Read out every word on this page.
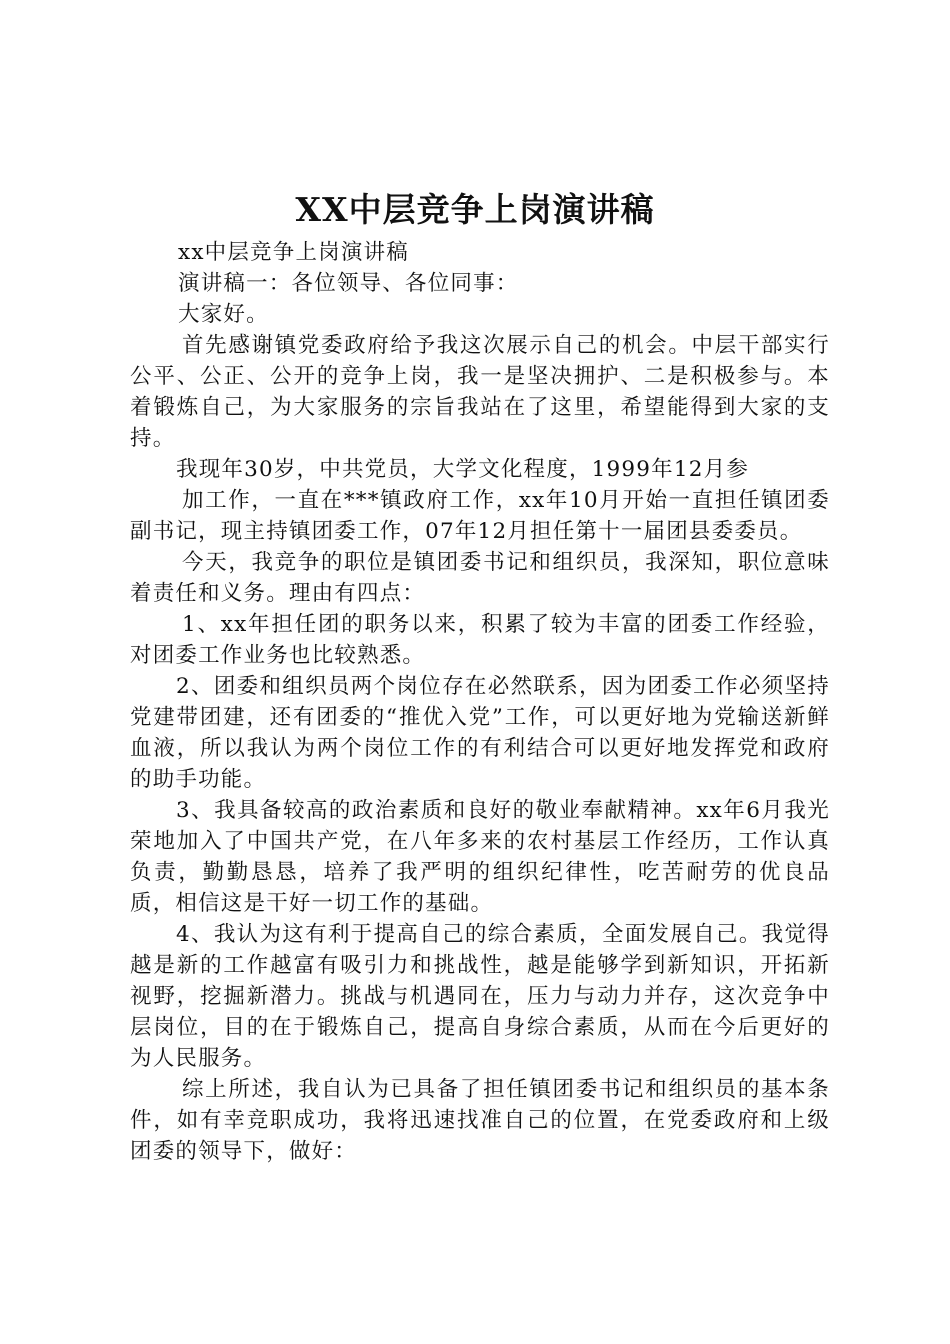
XX中层竞争上岗演讲稿

xx中层竞争上岗演讲稿

演讲稿一：各位领导、各位同事：

大家好。

首先感谢镇党委政府给予我这次展示自己的机会。中层干部实行公平、公正、公开的竞争上岗，我一是坚决拥护、二是积极参与。本着锻炼自己，为大家服务的宗旨我站在了这里，希望能得到大家的支持。

我现年30岁，中共党员，大学文化程度，1999年12月参

加工作，一直在***镇政府工作，xx年10月开始一直担任镇团委副书记，现主持镇团委工作，07年12月担任第十一届团县委委员。

今天，我竞争的职位是镇团委书记和组织员，我深知，职位意味着责任和义务。理由有四点：

1、xx年担任团的职务以来，积累了较为丰富的团委工作经验，对团委工作业务也比较熟悉。

2、团委和组织员两个岗位存在必然联系，因为团委工作必须坚持党建带团建，还有团委的“推优入党”工作，可以更好地为党输送新鲜血液，所以我认为两个岗位工作的有利结合可以更好地发挥党和政府的助手功能。

3、我具备较高的政治素质和良好的敬业奉献精神。xx年6月我光荣地加入了中国共产党，在八年多来的农村基层工作经历，工作认真负责，勤勤恳恳，培养了我严明的组织纪律性，吃苦耐劳的优良品质，相信这是干好一切工作的基础。

4、我认为这有利于提高自己的综合素质，全面发展自己。我觉得越是新的工作越富有吸引力和挑战性，越是能够学到新知识，开拓新视野，挖掘新潜力。挑战与机遇同在，压力与动力并存，这次竞争中层岗位，目的在于锻炼自己，提高自身综合素质，从而在今后更好的为人民服务。

综上所述，我自认为已具备了担任镇团委书记和组织员的基本条件，如有幸竞职成功，我将迅速找准自己的位置，在党委政府和上级团委的领导下，做好：
